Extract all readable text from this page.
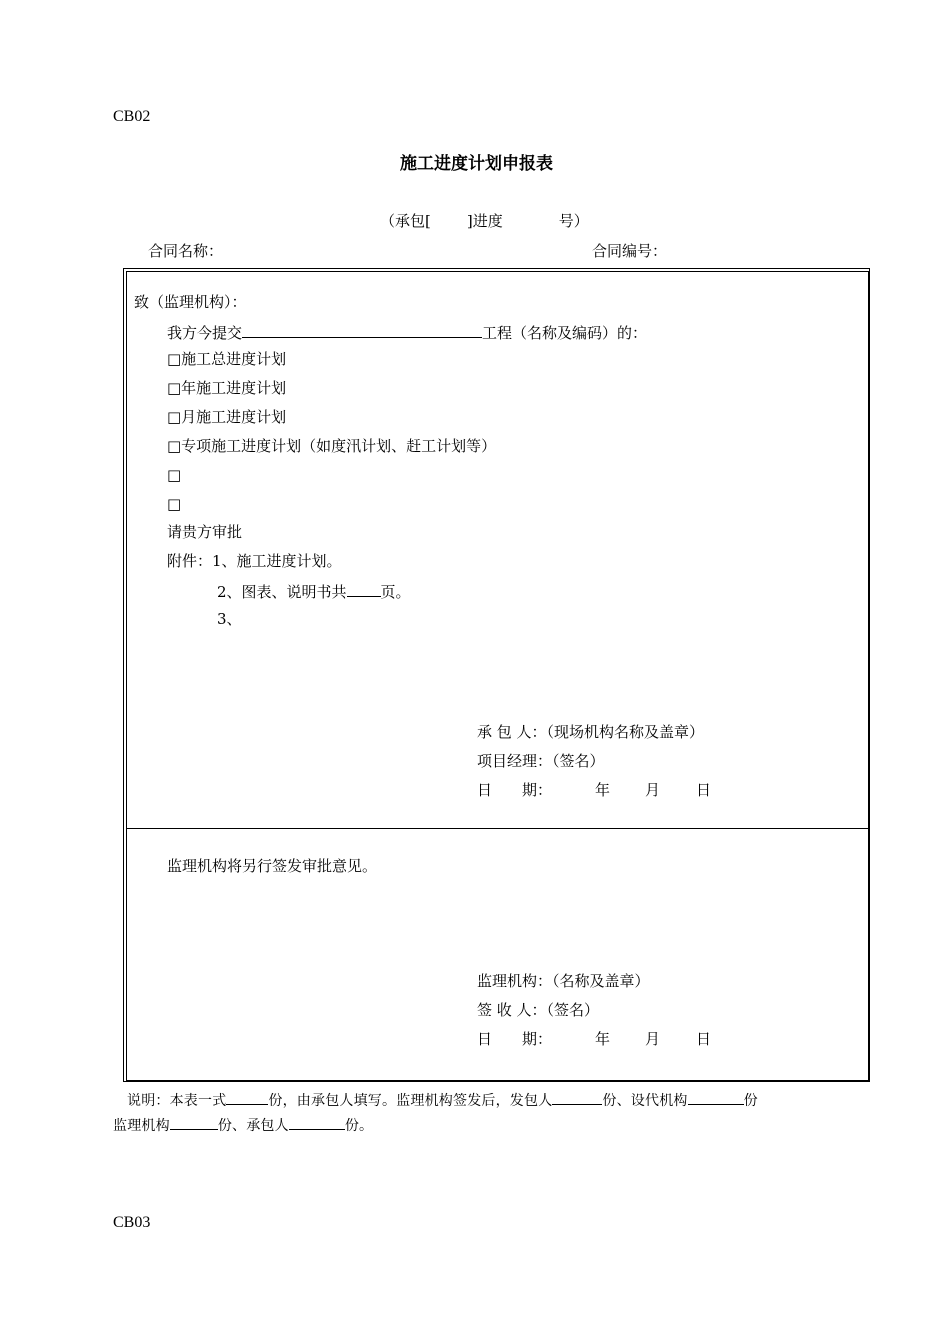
CB02
施工进度计划申报表
（承包[ ]进度	号）
合同名称：	合同编号：
致（监理机构）：
我方今提交	工程（名称及编码）的：
□施工总进度计划
□年施工进度计划
□月施工进度计划
□专项施工进度计划（如度汛计划、赶工计划等）
□
□
请贵方审批
附件：1、施工进度计划。
2、图表、说明书共 页。
3、
承 包 人：（现场机构名称及盖章）
项目经理：（签名）
日　　期：	年 月 日
监理机构将另行签发审批意见。
监理机构：（名称及盖章）
签 收 人：（签名）
日　　期：	年 月 日
说明：本表一式	份，由承包人填写。监理机构签发后，发包人	份、设代机构	份
监理机构	份、承包人	份。
CB03
